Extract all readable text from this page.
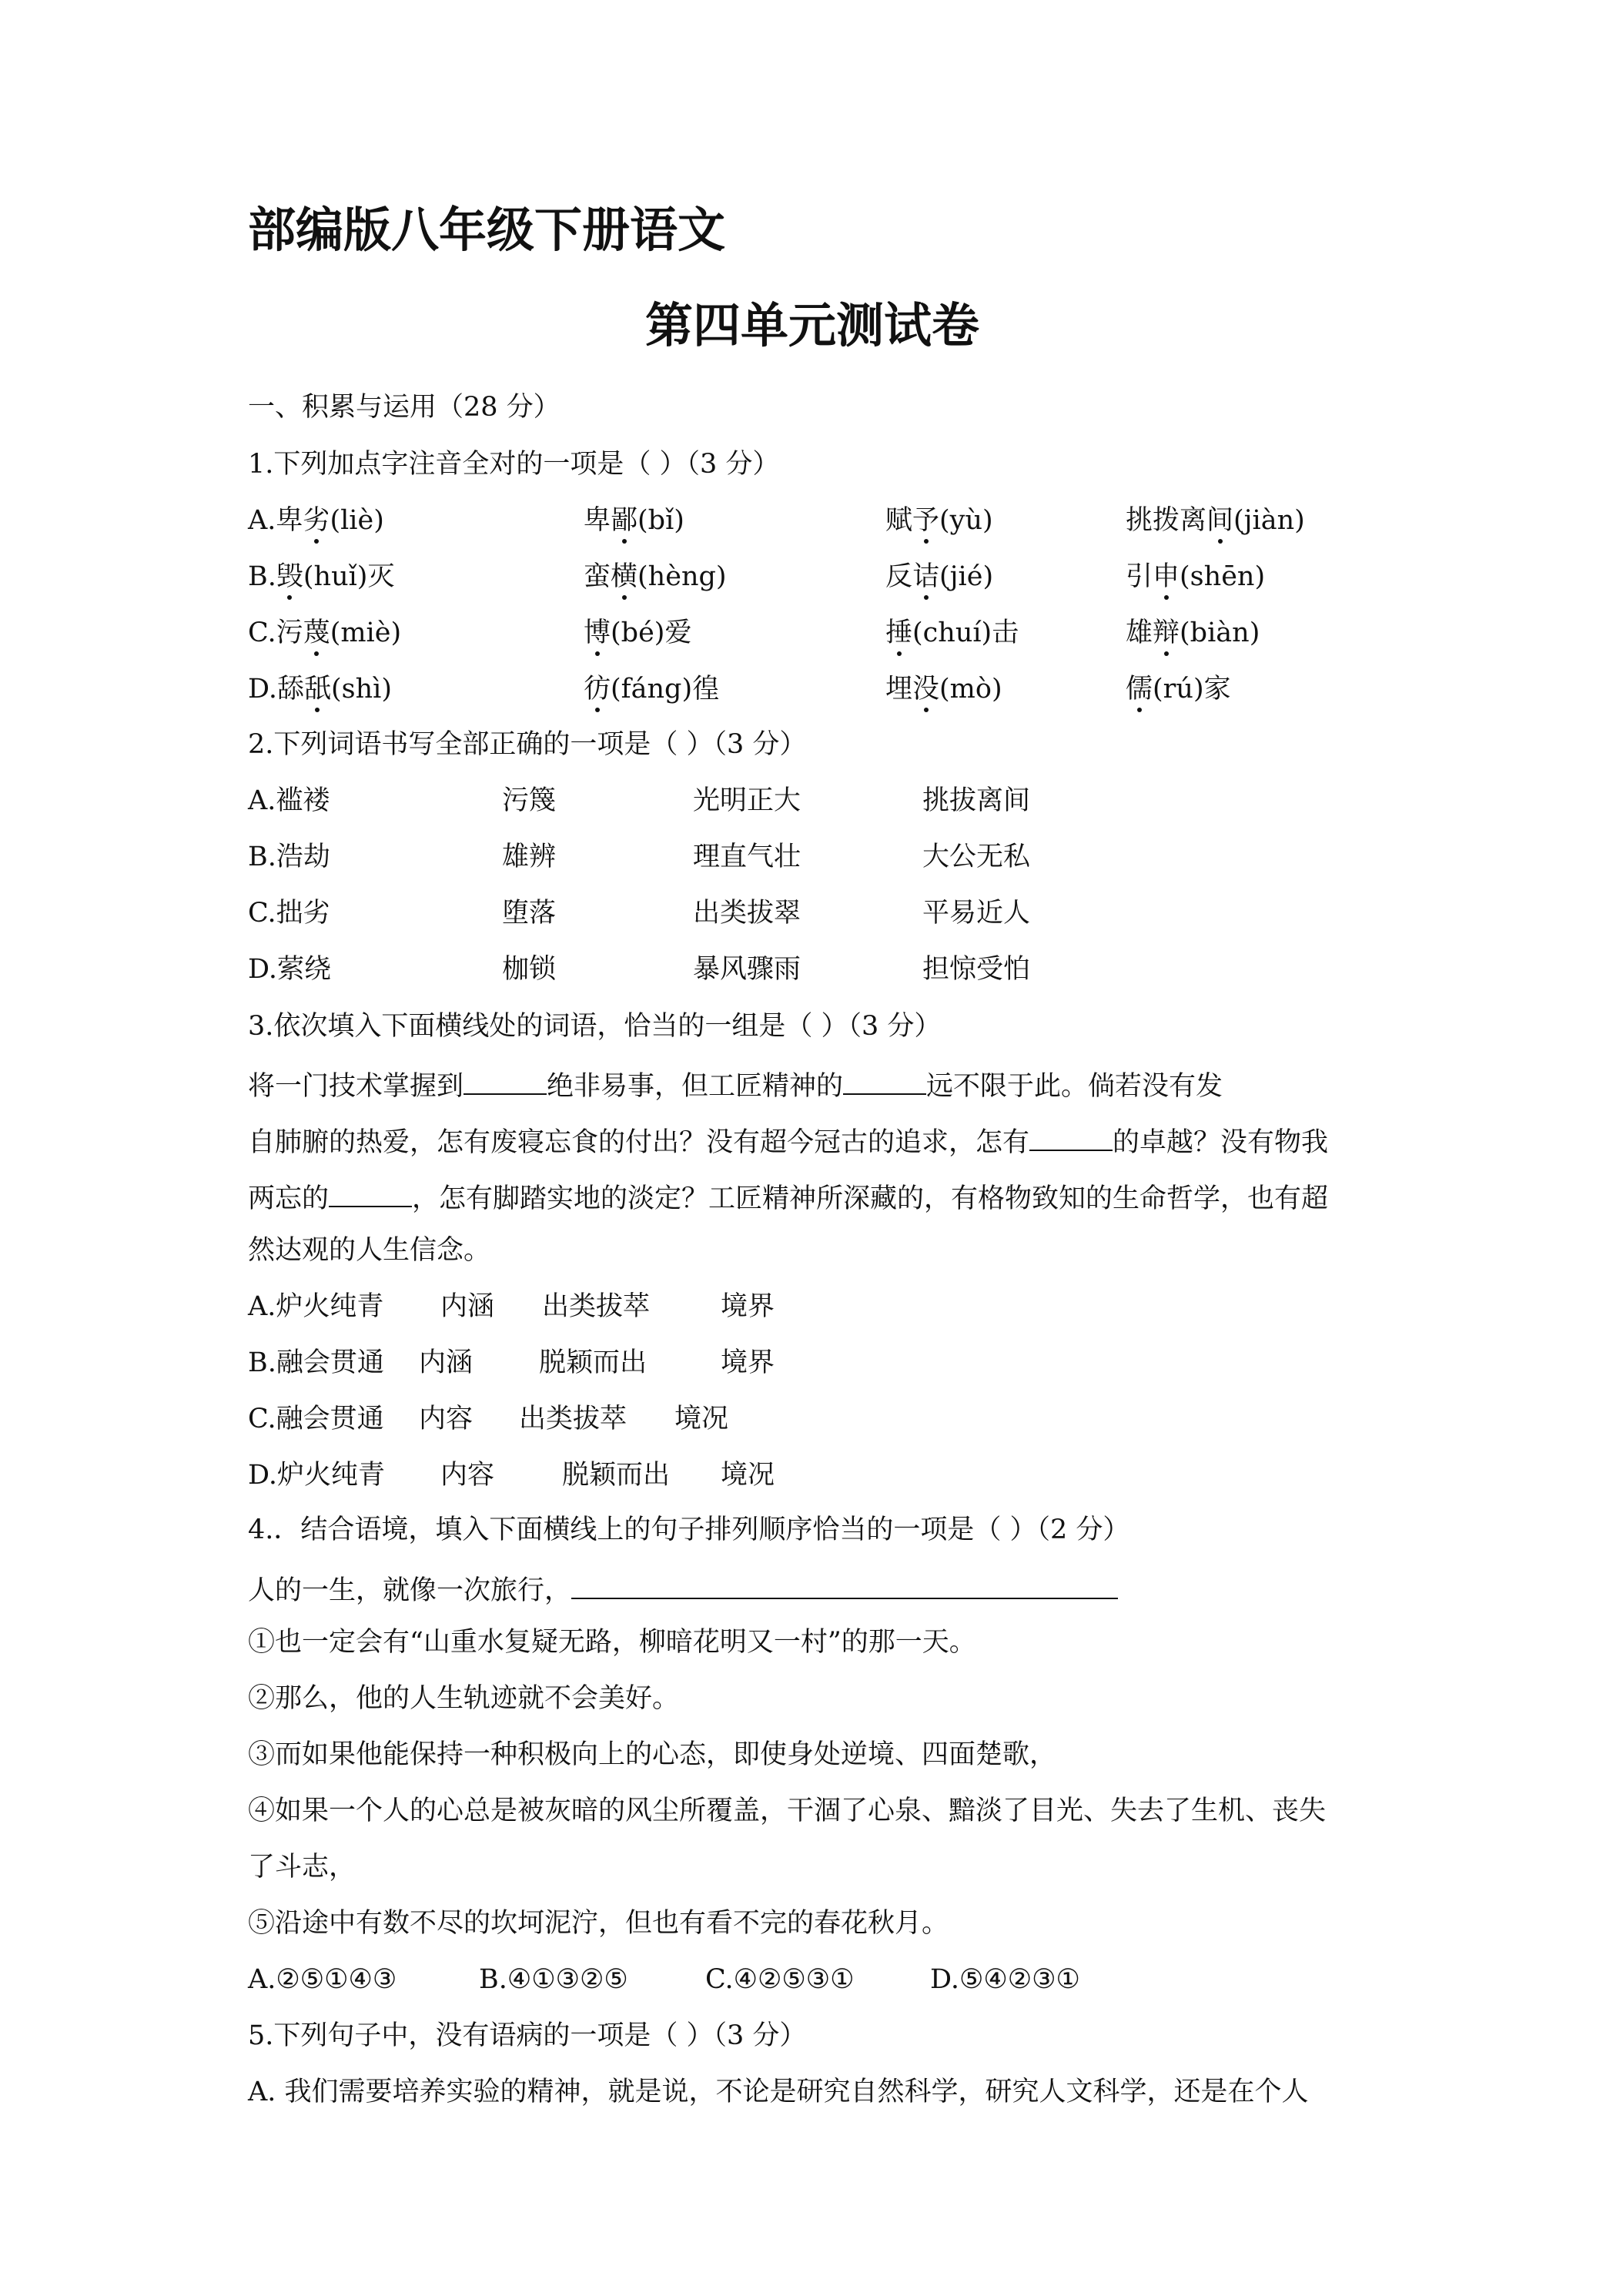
部编版八年级下册语文
第四单元测试卷
一、积累与运用（28 分）
1.下列加点字注音全对的一项是（ ）（3 分）
A.卑劣(liè)	卑鄙(bǐ)	赋予(yù)	挑拨离间(jiàn)
B.毁(huǐ)灭	蛮横(hèng)	反诘(jié)	引申(shēn)
C.污蔑(miè)	博(bé)爱	捶(chuí)击	雄辩(biàn)
D.舔舐(shì)	彷(fáng)徨	埋没(mò)	儒(rú)家
2.下列词语书写全部正确的一项是（ ）（3 分）
A.褴褛	污篾	光明正大	挑拔离间
B.浩劫	雄辨	理直气壮	大公无私
C.拙劣	堕落	出类拔翠	平易近人
D.萦绕	枷锁	暴风骤雨	担惊受怕
3.依次填入下面横线处的词语，恰当的一组是（ ）（3 分）
将一门技术掌握到	绝非易事，但工匠精神的	远不限于此。倘若没有发
自肺腑的热爱，怎有废寝忘食的付出？没有超今冠古的追求，怎有	的卓越？没有物我
两忘的	，怎有脚踏实地的淡定？工匠精神所深藏的，有格物致知的生命哲学，也有超
然达观的人生信念。
A.炉火纯青 内涵 出类拔萃	境界
B.融会贯通 内涵 脱颖而出	境界
C.融会贯通 内容 出类拔萃 境况
D.炉火纯青 内容	脱颖而出 境况
4.．结合语境，填入下面横线上的句子排列顺序恰当的一项是（ ）（2 分）
人的一生，就像一次旅行，
①也一定会有“山重水复疑无路，柳暗花明又一村”的那一天。
②那么，他的人生轨迹就不会美好。
③而如果他能保持一种积极向上的心态，即使身处逆境、四面楚歌，
④如果一个人的心总是被灰暗的风尘所覆盖，干涸了心泉、黯淡了目光、失去了生机、丧失
了斗志，
⑤沿途中有数不尽的坎坷泥泞，但也有看不完的春花秋月。
A.②⑤①④③	B.④①③②⑤	C.④②⑤③①	D.⑤④②③①
5.下列句子中，没有语病的一项是（ ）（3 分）
A. 我们需要培养实验的精神，就是说，不论是研究自然科学，研究人文科学，还是在个人
